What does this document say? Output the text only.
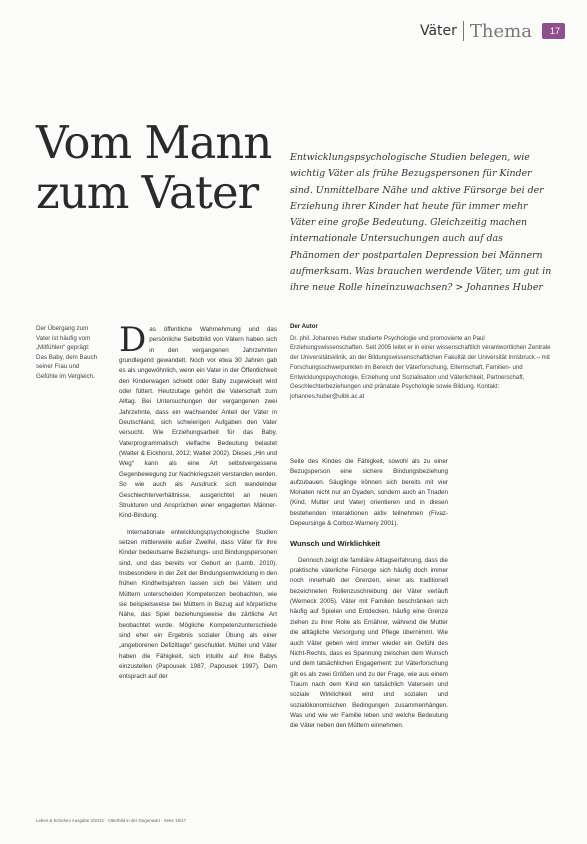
Väter Thema	17
Vom Mann
zum Vater
Entwicklungspsychologische Studien belegen, wie wichtig Väter als frühe Bezugspersonen für Kinder sind. Unmittelbare Nähe und aktive Fürsorge bei der Erziehung ihrer Kinder hat heute für immer mehr Väter eine große Bedeutung. Gleichzeitig machen internationale Untersuchungen auch auf das Phänomen der postpartalen Depression bei Männern aufmerksam. Was brauchen werdende Väter, um gut in ihre neue Rolle hineinzuwachsen? > Johannes Huber
Der Übergang zum Vater ist häufig vom „Mitfühlen“ geprägt: Das Baby, dem Bauch seiner Frau und Gefühle im Vergleich.

Das öffentliche Wahrnehmung und das persönliche Selbstbild von Vätern haben sich in den vergangenen Jahrzehnten grundlegend gewandelt. Noch vor etwa 30 Jahren gab es als ungewöhnlich, wenn ein Vater in der Öffentlichkeit den Kinderwagen schiebt oder Baby zugewickelt wird oder füttert. Heutzutage gehört die Vaterschaft zum Alltag. Bei Untersuchungen der vergangenen zwei Jahrzehnte, dass ein wachsender Anteil der Väter in Deutschland, sich schwierigen Aufgaben den Vater versucht. Wie Erziehungsarbeit für das Baby. Vaterprogrammatisch vielfache Bedeutung belastet (Walter & Eickhorst, 2012; Walter 2002). Dieses „Hin und Weg“ kann als eine Art selbstvergessene Gegenbewegung zur Nachkriegszeit verstanden werden. So wie auch als Ausdruck sich wandelnder Geschlechterverhältnisse, ausgerichtet an neuen Strukturen und Ansprüchen einer engagierten Männer-Kind-Bindung.

Internationale entwicklungspsychologische Studien setzen mittlerweile außer Zweifel, dass Väter für ihre Kinder bedeutsame Beziehungs- und Bindungspersonen sind, und das bereits vor Geburt an (Lamb, 2010). Insbesondere in der Zeit der Bindungsentwicklung in den frühen Kindheitsjahren lassen sich bei Vätern und Müttern unterscheiden Kompetenzen beobachten, wie sie beispielsweise bei Müttern in Bezug auf körperliche Nähe, das Spiel beziehungsweise die zärtliche Art beobachtet wurde. Mögliche Kompetenzunterschiede sind eher ein Ergebnis sozialer Übung als einer „angeborenen Defizitlage“ geschuldet. Mütter und Väter haben die Fähigkeit, sich intuitiv auf ihre Babys einzustellen (Papousek 1987, Papousek 1997). Dem entsprach auf der

Der Autor
Dr. phil. Johannes Huber studierte Psychologie und promovierte an Paul Erziehungswissenschaften. Seit 2005 leitet er in einer wissenschaftlich verantwortlichen Zentrale der Universitätsklinik, an der Bildungswissenschaftlichen Fakultät der Universität Innsbruck – mit Forschungsschwerpunkten im Bereich der Väterforschung, Elternschaft, Familien- und Entwicklungspsychologie, Erziehung und Sozialisation und Väterlichkeit, Partnerschaft, Geschlechterbeziehungen und pränatale Psychologie sowie Bildung. Kontakt: johannes.huber@uibk.ac.at

Seite des Kindes die Fähigkeit, sowohl als zu einer Bezugsperson eine sichere Bindungsbeziehung aufzubauen. Säuglinge können sich bereits mit vier Monaten nicht nur an Dyaden, sondern auch an Triaden (Kind, Mutter und Vater) orientieren und in diesen bestehenden Interaktionen aktiv teilnehmen (Fivaz-Depeursinge & Corboz-Warnery 2001).

Wunsch und Wirklichkeit

Dennoch zeigt die familiäre Alltagserfahrung, dass die praktische väterliche Fürsorge sich häufig doch immer noch innerhalb der Grenzen, einer als traditionell bezeichneten Rollenzuschreibung der Väter verläuft (Werneck 2005). Väter mit Familien beschränken sich häufig auf Spielen und Entdecken, häufig eine Grenze ziehen zu ihrer Rolle als Ernährer, während die Mutter die alltägliche Versorgung und Pflege übernimmt. Wie auch Väter geben wird immer wieder ein Gefühl des Nicht-Rechts, dass es Spannung zwischen dem Wunsch und dem tatsächlichen Engagement: zur Väterforschung gilt es als zwei Größen und zu der Frage, wie aus einem Traum nach dem Kind ein tatsächlich Vatersein und soziale Wirklichkeit wird und sozialen und sozialökonomischen Bedingungen zusammenhängen. Was und wie wir Familie leben und welche Bedeutung die Väter neben den Müttern einnehmen.

Leben & Erziehen Ausgabe 2/2012 · Väterbild in der Gegenwart · Seite 16/17
